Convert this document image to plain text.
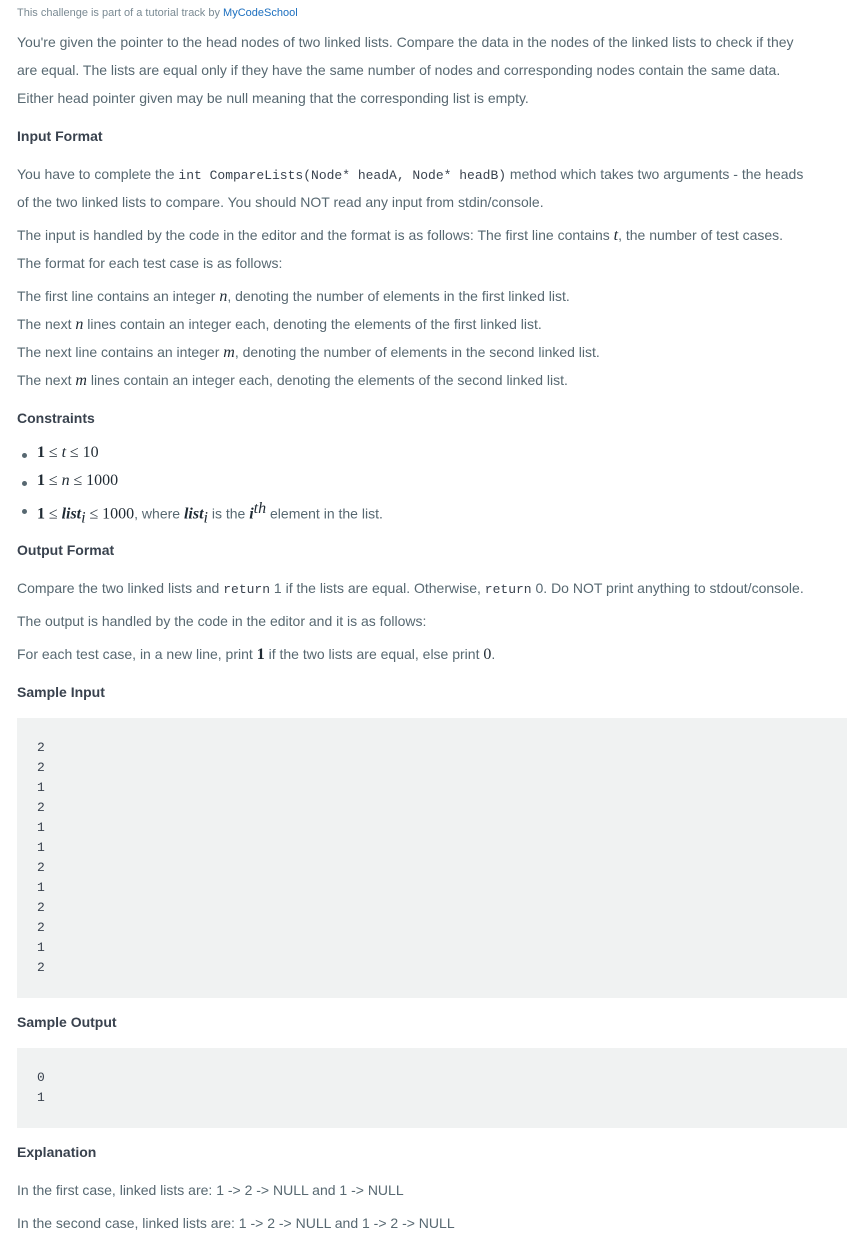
This challenge is part of a tutorial track by MyCodeSchool
You're given the pointer to the head nodes of two linked lists. Compare the data in the nodes of the linked lists to check if they
are equal. The lists are equal only if they have the same number of nodes and corresponding nodes contain the same data.
Either head pointer given may be null meaning that the corresponding list is empty.
Input Format
You have to complete the int CompareLists(Node* headA, Node* headB) method which takes two arguments - the heads
of the two linked lists to compare. You should NOT read any input from stdin/console.
The input is handled by the code in the editor and the format is as follows: The first line contains t, the number of test cases.
The format for each test case is as follows:
The first line contains an integer n, denoting the number of elements in the first linked list.
The next n lines contain an integer each, denoting the elements of the first linked list.
The next line contains an integer m, denoting the number of elements in the second linked list.
The next m lines contain an integer each, denoting the elements of the second linked list.
Constraints
1 ≤ t ≤ 10
1 ≤ n ≤ 1000
1 ≤ list$_i$ ≤ 1000, where list$_i$ is the $i^{th}$ element in the list.
Output Format
Compare the two linked lists and return 1 if the lists are equal. Otherwise, return 0. Do NOT print anything to stdout/console.
The output is handled by the code in the editor and it is as follows:
For each test case, in a new line, print 1 if the two lists are equal, else print 0.
Sample Input
2
2
1
2
1
1
2
1
2
2
1
2
Sample Output
0
1
Explanation
In the first case, linked lists are: 1 -> 2 -> NULL and 1 -> NULL
In the second case, linked lists are: 1 -> 2 -> NULL and 1 -> 2 -> NULL
